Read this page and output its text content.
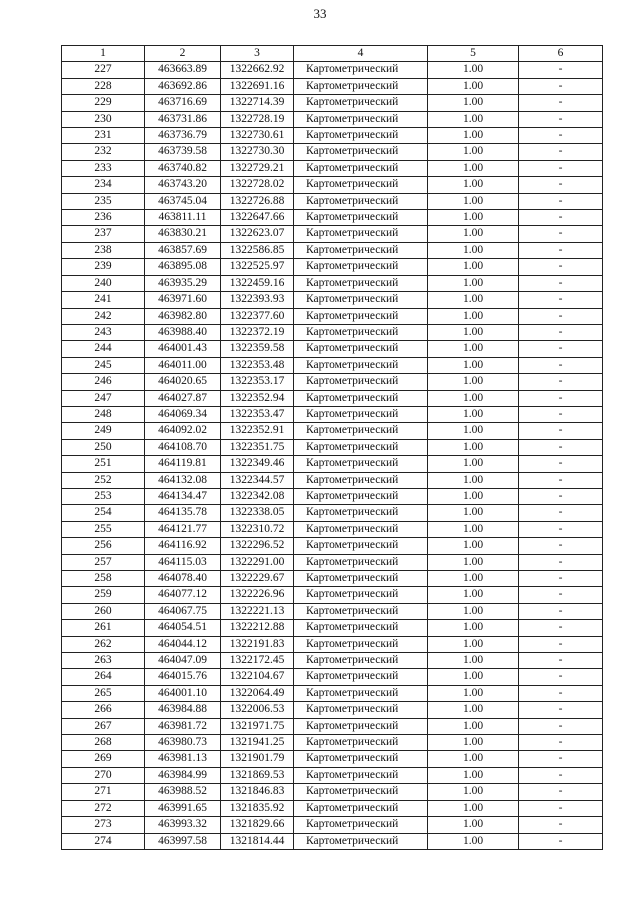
33
1	2	3	4	5	6
227	463663.89	1322662.92	Картометрический	1.00	-
228	463692.86	1322691.16	Картометрический	1.00	-
229	463716.69	1322714.39	Картометрический	1.00	-
230	463731.86	1322728.19	Картометрический	1.00	-
231	463736.79	1322730.61	Картометрический	1.00	-
232	463739.58	1322730.30	Картометрический	1.00	-
233	463740.82	1322729.21	Картометрический	1.00	-
234	463743.20	1322728.02	Картометрический	1.00	-
235	463745.04	1322726.88	Картометрический	1.00	-
236	463811.11	1322647.66	Картометрический	1.00	-
237	463830.21	1322623.07	Картометрический	1.00	-
238	463857.69	1322586.85	Картометрический	1.00	-
239	463895.08	1322525.97	Картометрический	1.00	-
240	463935.29	1322459.16	Картометрический	1.00	-
241	463971.60	1322393.93	Картометрический	1.00	-
242	463982.80	1322377.60	Картометрический	1.00	-
243	463988.40	1322372.19	Картометрический	1.00	-
244	464001.43	1322359.58	Картометрический	1.00	-
245	464011.00	1322353.48	Картометрический	1.00	-
246	464020.65	1322353.17	Картометрический	1.00	-
247	464027.87	1322352.94	Картометрический	1.00	-
248	464069.34	1322353.47	Картометрический	1.00	-
249	464092.02	1322352.91	Картометрический	1.00	-
250	464108.70	1322351.75	Картометрический	1.00	-
251	464119.81	1322349.46	Картометрический	1.00	-
252	464132.08	1322344.57	Картометрический	1.00	-
253	464134.47	1322342.08	Картометрический	1.00	-
254	464135.78	1322338.05	Картометрический	1.00	-
255	464121.77	1322310.72	Картометрический	1.00	-
256	464116.92	1322296.52	Картометрический	1.00	-
257	464115.03	1322291.00	Картометрический	1.00	-
258	464078.40	1322229.67	Картометрический	1.00	-
259	464077.12	1322226.96	Картометрический	1.00	-
260	464067.75	1322221.13	Картометрический	1.00	-
261	464054.51	1322212.88	Картометрический	1.00	-
262	464044.12	1322191.83	Картометрический	1.00	-
263	464047.09	1322172.45	Картометрический	1.00	-
264	464015.76	1322104.67	Картометрический	1.00	-
265	464001.10	1322064.49	Картометрический	1.00	-
266	463984.88	1322006.53	Картометрический	1.00	-
267	463981.72	1321971.75	Картометрический	1.00	-
268	463980.73	1321941.25	Картометрический	1.00	-
269	463981.13	1321901.79	Картометрический	1.00	-
270	463984.99	1321869.53	Картометрический	1.00	-
271	463988.52	1321846.83	Картометрический	1.00	-
272	463991.65	1321835.92	Картометрический	1.00	-
273	463993.32	1321829.66	Картометрический	1.00	-
274	463997.58	1321814.44	Картометрический	1.00	-
